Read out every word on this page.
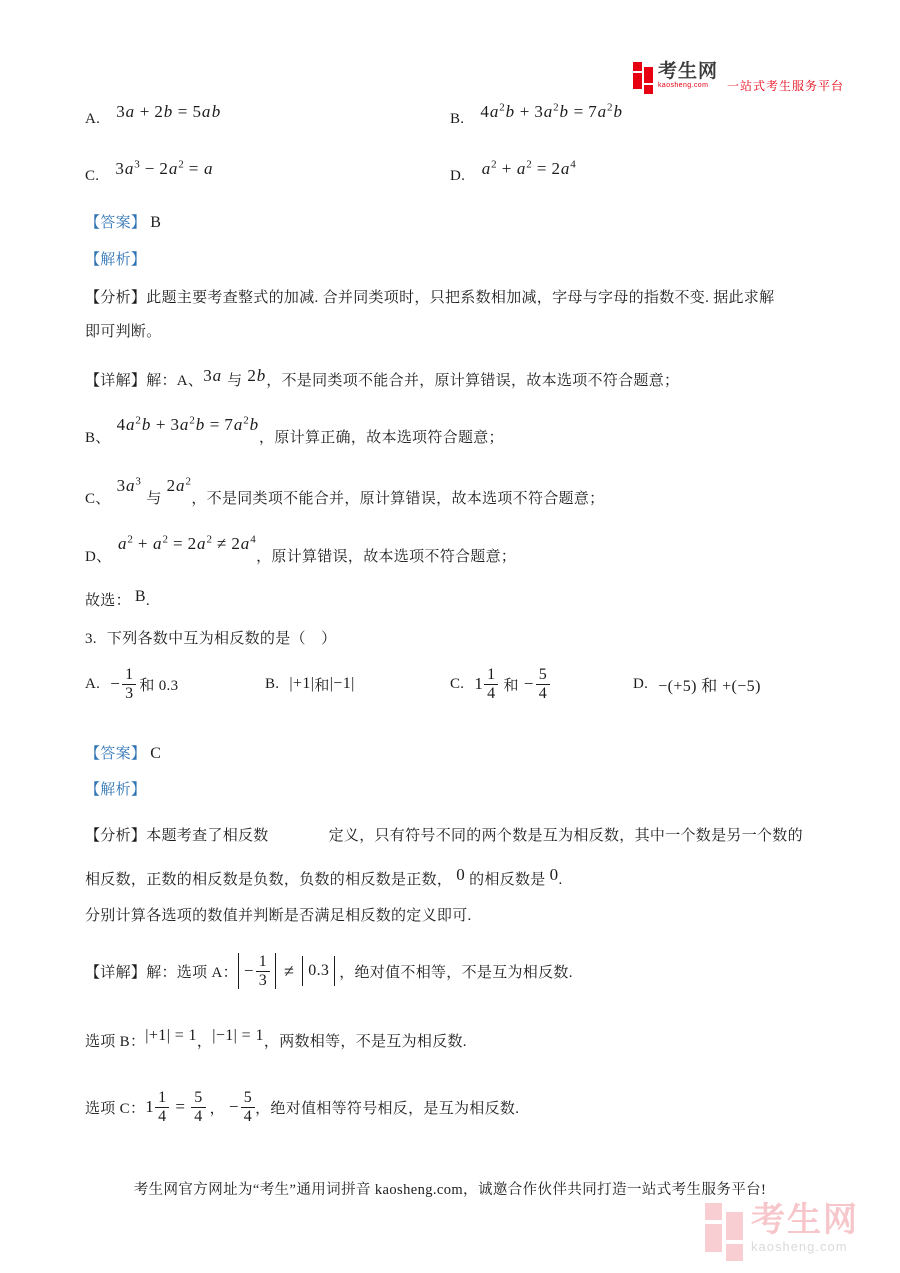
考生网
kaosheng.com	一站式考生服务平台
A. 3a + 2b = 5ab	B. $4a^2b + 3a^2b = 7a^2b$
C. $3a^3 - 2a^2 = a$	D. $a^2 + a^2 = 2a^4$
【答案】 B
【解析】
【分析】此题主要考查整式的加减. 合并同类项时，只把系数相加减，字母与字母的指数不变. 据此求解
即可判断。
【详解】解：A、3a 与 2b，不是同类项不能合并，原计算错误，故本选项不符合题意；
B、$4a^2b + 3a^2b = 7a^2b$，原计算正确，故本选项符合题意；
C、$3a^3$与$2a^2$，不是同类项不能合并，原计算错误，故本选项不符合题意；
D、$a^2 + a^2 = 2a^2 \ne 2a^4$，原计算错误，故本选项不符合题意；
故选： B.
3. 下列各数中互为相反数的是（　）
A. − $\frac{1}{3}$ 和 0.3	B. |+1| 和 |−1|	C. $1 \frac{1}{4}$ 和 − $\frac{5}{4}$	D. −(+5) 和 +(−5)
【答案】 C
【解析】
【分析】本题考查了相反数	定义，只有符号不同的两个数是互为相反数，其中一个数是另一个数的
相反数，正数的相反数是负数，负数的相反数是正数， 0 的相反数是 0.
分别计算各选项的数值并判断是否满足相反数的定义即可.
【详解】 解：选项 A： − $\frac{1}{3} \ne 0.3$ ，绝对值不相等，不是互为相反数.
选项 B：|+1| = 1，|−1| = 1，两数相等，不是互为相反数.
选项 C： $1 \frac{1}{4} = \frac{5}{4}$ ， − $\frac{5}{4}$ ，绝对值相等符号相反，是互为相反数.
考生网官方网址为“考生”通用词拼音 kaosheng.com，诚邀合作伙伴共同打造一站式考生服务平台!
考生网
kaosheng.com
